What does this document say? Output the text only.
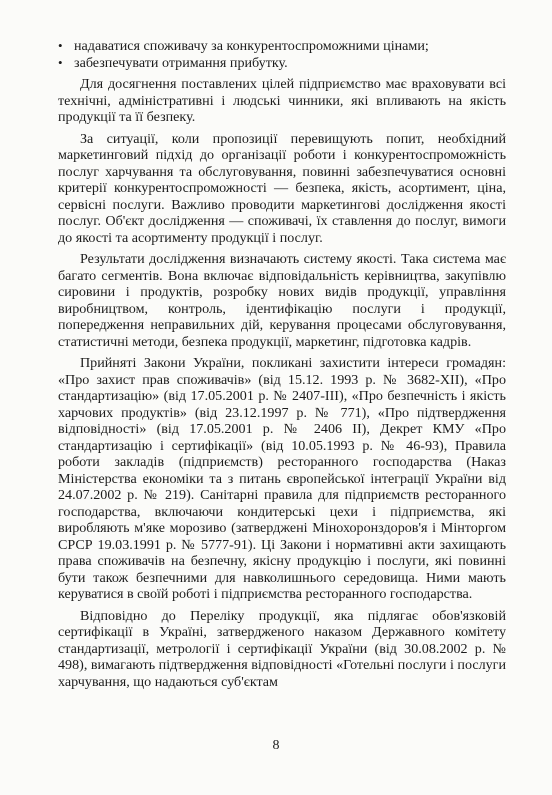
• надаватися споживачу за конкурентоспроможними цінами;

• забезпечувати отримання прибутку.

Для досягнення поставлених цілей підприємство має враховувати всі технічні, адміністративні і людські чинники, які впливають на якість продукції та її безпеку.

За ситуації, коли пропозиції перевищують попит, необхідний маркетинговий підхід до організації роботи і конкурентоспроможність послуг харчування та обслуговування, повинні забезпечуватися основні критерії конкурентоспроможності — безпека, якість, асортимент, ціна, сервісні послуги. Важливо проводити маркетингові дослідження якості послуг. Об'єкт дослідження — споживачі, їх ставлення до послуг, вимоги до якості та асортименту продукції і послуг.

Результати дослідження визначають систему якості. Така система має багато сегментів. Вона включає відповідальність керівництва, закупівлю сировини і продуктів, розробку нових видів продукції, управління виробництвом, контроль, ідентифікацію послуги і продукції, попередження неправильних дій, керування процесами обслуговування, статистичні методи, безпека продукції, маркетинг, підготовка кадрів.

Прийняті Закони України, покликані захистити інтереси громадян: «Про захист прав споживачів» (від 15.12. 1993 р. № 3682-XII), «Про стандартизацію» (від 17.05.2001 р. № 2407-III), «Про безпечність і якість харчових продуктів» (від 23.12.1997 р. № 771), «Про підтвердження відповідності» (від 17.05.2001 р. № 2406 II), Декрет КМУ «Про стандартизацію і сертифікації» (від 10.05.1993 р. № 46-93), Правила роботи закладів (підприємств) ресторанного господарства (Наказ Міністерства економіки та з питань європейської інтеграції України від 24.07.2002 р. № 219). Санітарні правила для підприємств ресторанного господарства, включаючи кондитерські цехи і підприємства, які виробляють м'яке морозиво (затверджені Мінохоронздоров'я і Мінторгом СРСР 19.03.1991 р. № 5777-91). Ці Закони і нормативні акти захищають права споживачів на безпечну, якісну продукцію і послуги, які повинні бути також безпечними для навколишнього середовища. Ними мають керуватися в своїй роботі і підприємства ресторанного господарства.

Відповідно до Переліку продукції, яка підлягає обов'язковій сертифікації в Україні, затвердженого наказом Державного комітету стандартизації, метрології і сертифікації України (від 30.08.2002 р. № 498), вимагають підтвердження відповідності «Готельні послуги і послуги харчування, що надаються суб'єктам

8
